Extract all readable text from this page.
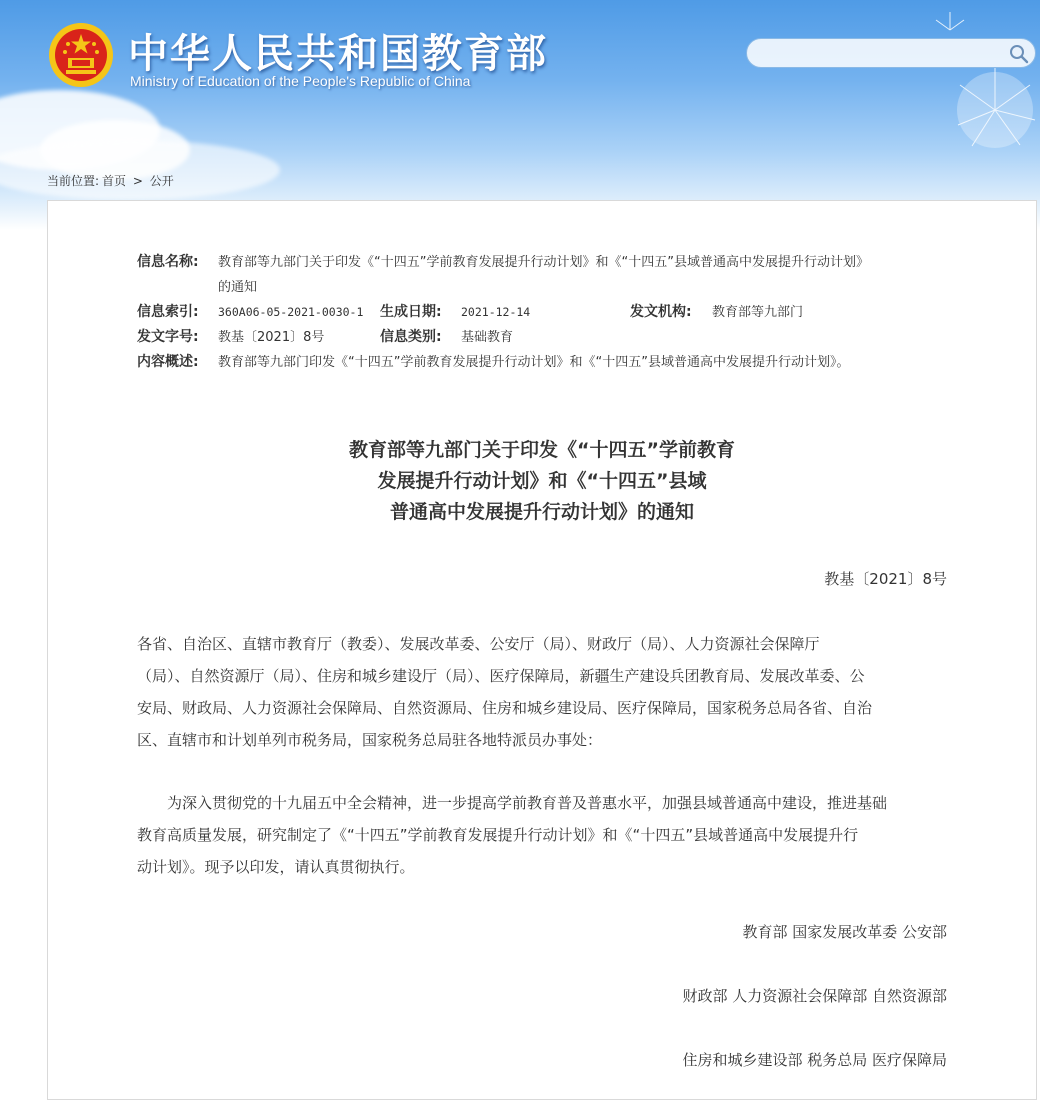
中华人民共和国教育部
Ministry of Education of the People's Republic of China
当前位置: 首页 > 公开
信息名称: 教育部等九部门关于印发《“十四五”学前教育发展提升行动计划》和《“十四五”县域普通高中发展提升行动计划》
的通知
信息索引: 360A06-05-2021-0030-1 生成日期: 2021-12-14	发文机构: 教育部等九部门
发文字号: 教基〔2021〕8号	信息类别: 基础教育
内容概述: 教育部等九部门印发《“十四五”学前教育发展提升行动计划》和《“十四五”县域普通高中发展提升行动计划》。
教育部等九部门关于印发《“十四五”学前教育
发展提升行动计划》和《“十四五”县域
普通高中发展提升行动计划》的通知
教基〔2021〕8号
各省、自治区、直辖市教育厅（教委）、发展改革委、公安厅（局）、财政厅（局）、人力资源社会保障厅
（局）、自然资源厅（局）、住房和城乡建设厅（局）、医疗保障局，新疆生产建设兵团教育局、发展改革委、公
安局、财政局、人力资源社会保障局、自然资源局、住房和城乡建设局、医疗保障局，国家税务总局各省、自治
区、直辖市和计划单列市税务局，国家税务总局驻各地特派员办事处：
　　为深入贯彻党的十九届五中全会精神，进一步提高学前教育普及普惠水平，加强县域普通高中建设，推进基础
教育高质量发展，研究制定了《“十四五”学前教育发展提升行动计划》和《“十四五”县域普通高中发展提升行
动计划》。现予以印发，请认真贯彻执行。
教育部 国家发展改革委 公安部
财政部 人力资源社会保障部 自然资源部
住房和城乡建设部 税务总局 医疗保障局
